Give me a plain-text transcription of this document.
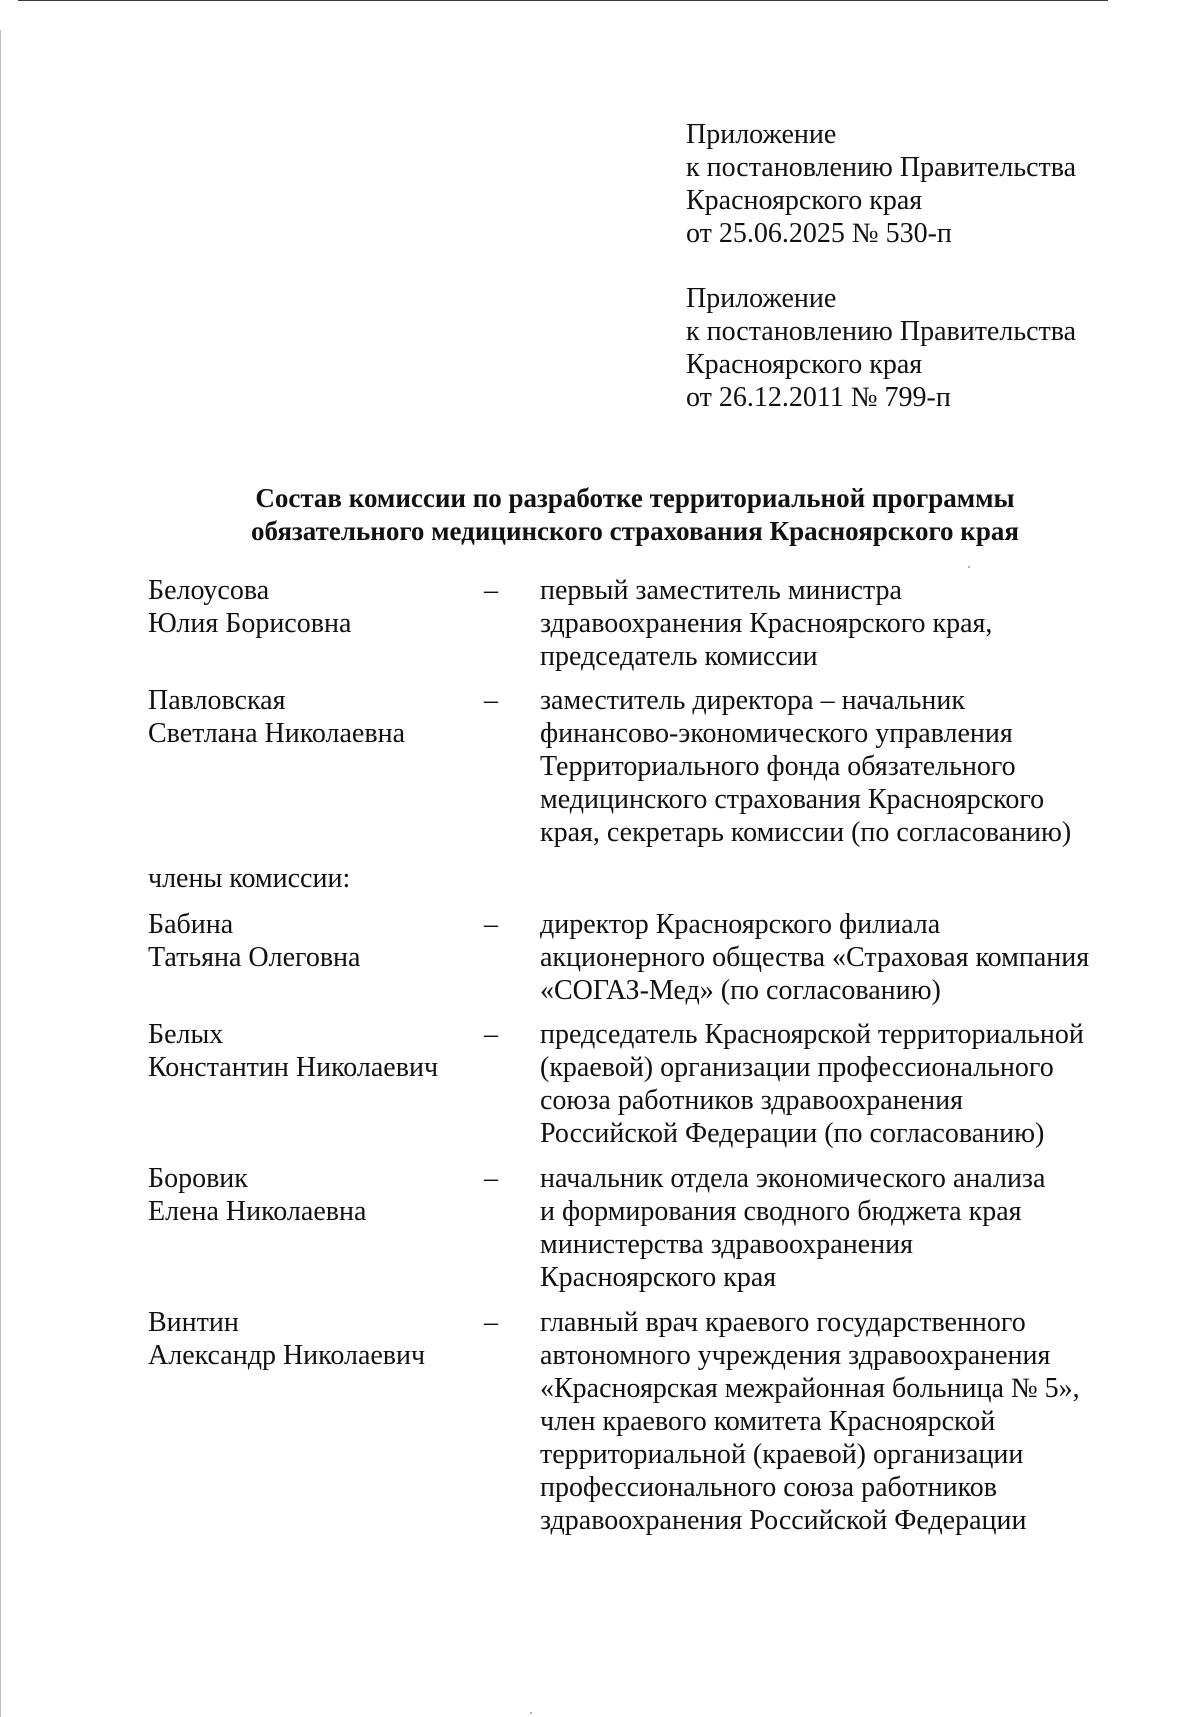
Приложение
к постановлению Правительства
Красноярского края
от 25.06.2025 № 530-п
Приложение
к постановлению Правительства
Красноярского края
от 26.12.2011 № 799-п
Состав комиссии по разработке территориальной программы
обязательного медицинского страхования Красноярского края
Белоусова
Юлия Борисовна
– первый заместитель министра
здравоохранения Красноярского края,
председатель комиссии
Павловская
Светлана Николаевна
– заместитель директора – начальник
финансово-экономического управления
Территориального фонда обязательного
медицинского страхования Красноярского
края, секретарь комиссии (по согласованию)
члены комиссии:
Бабина
Татьяна Олеговна
– директор Красноярского филиала
акционерного общества «Страховая компания
«СОГАЗ-Мед» (по согласованию)
Белых
Константин Николаевич
– председатель Красноярской территориальной
(краевой) организации профессионального
союза работников здравоохранения
Российской Федерации (по согласованию)
Боровик
Елена Николаевна
– начальник отдела экономического анализа
и формирования сводного бюджета края
министерства здравоохранения
Красноярского края
Винтин
Александр Николаевич
– главный врач краевого государственного
автономного учреждения здравоохранения
«Красноярская межрайонная больница № 5»,
член краевого комитета Красноярской
территориальной (краевой) организации
профессионального союза работников
здравоохранения Российской Федерации
